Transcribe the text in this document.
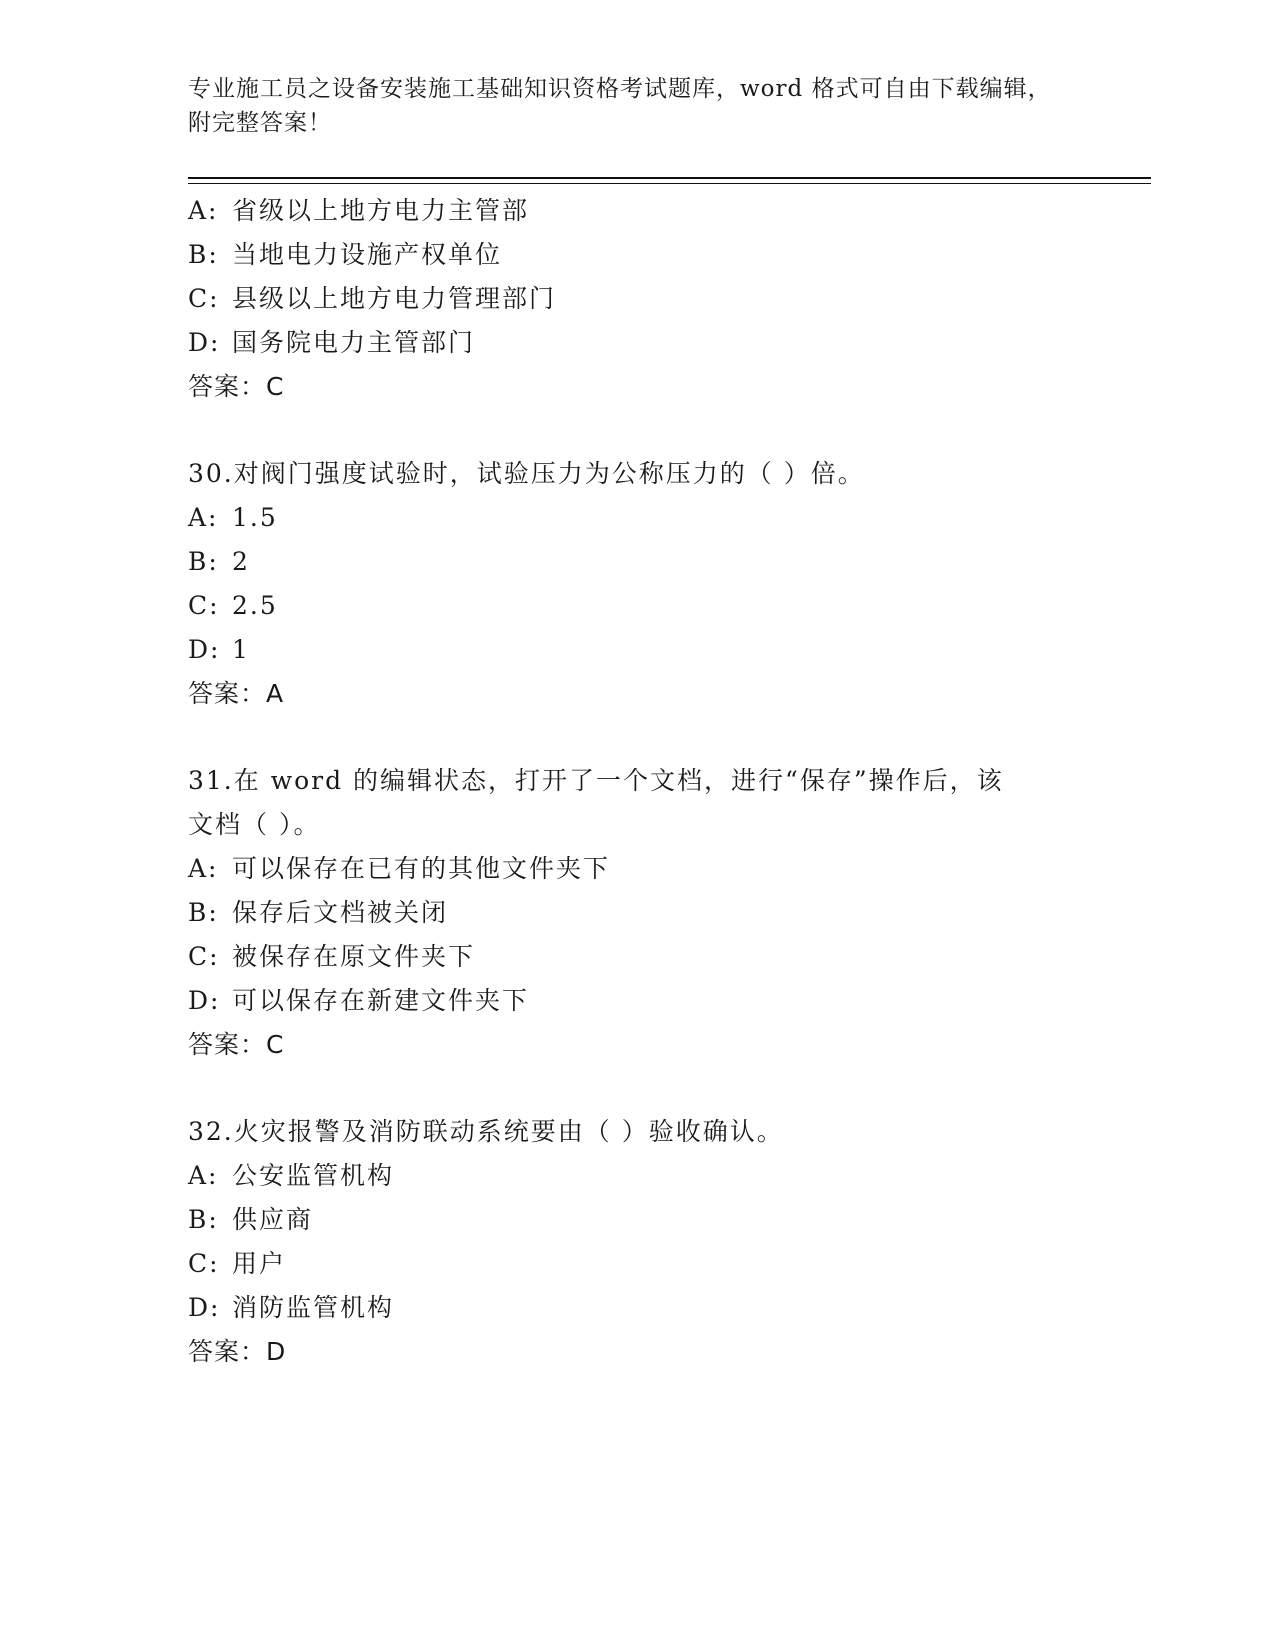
专业施工员之设备安装施工基础知识资格考试题库，word 格式可自由下载编辑，
附完整答案！
A: 省级以上地方电力主管部
B: 当地电力设施产权单位
C: 县级以上地方电力管理部门
D: 国务院电力主管部门
答案：C
30.对阀门强度试验时，试验压力为公称压力的（ ）倍。
A: 1.5
B: 2
C: 2.5
D: 1
答案：A
31.在 word 的编辑状态，打开了一个文档，进行“保存”操作后，该
文档（ ）。
A: 可以保存在已有的其他文件夹下
B: 保存后文档被关闭
C: 被保存在原文件夹下
D: 可以保存在新建文件夹下
答案：C
32.火灾报警及消防联动系统要由（ ）验收确认。
A: 公安监管机构
B: 供应商
C: 用户
D: 消防监管机构
答案：D
